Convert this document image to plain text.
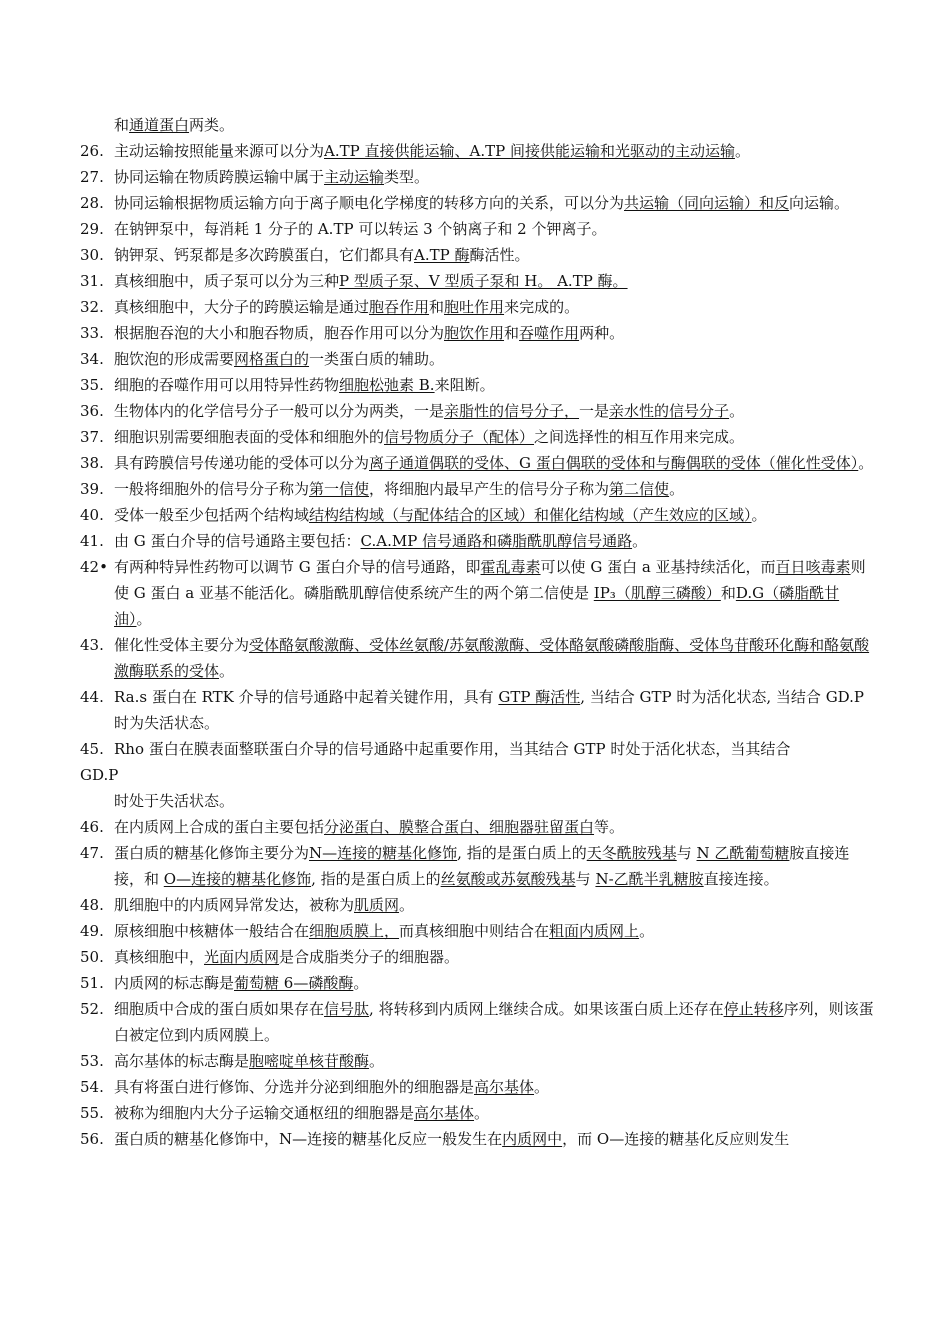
和通道蛋白两类。
26. 主动运输按照能量来源可以分为A.TP 直接供能运输、A.TP 间接供能运输和光驱动的主动运输。
27. 协同运输在物质跨膜运输中属于主动运输类型。
28. 协同运输根据物质运输方向于离子顺电化学梯度的转移方向的关系，可以分为共运输（同向运输）和反向运输。
29. 在钠钾泵中，每消耗 1 分子的 A.TP 可以转运 3 个钠离子和 2 个钾离子。
30. 钠钾泵、钙泵都是多次跨膜蛋白，它们都具有A.TP 酶酶活性。
31. 真核细胞中，质子泵可以分为三种P 型质子泵、V 型质子泵和 H。 A.TP 酶。
32. 真核细胞中，大分子的跨膜运输是通过胞吞作用和胞吐作用来完成的。
33. 根据胞吞泡的大小和胞吞物质，胞吞作用可以分为胞饮作用和吞噬作用两种。
34. 胞饮泡的形成需要网格蛋白的一类蛋白质的辅助。
35. 细胞的吞噬作用可以用特异性药物细胞松弛素 B.来阻断。
36. 生物体内的化学信号分子一般可以分为两类，一是亲脂性的信号分子，一是亲水性的信号分子。
37. 细胞识别需要细胞表面的受体和细胞外的信号物质分子（配体）之间选择性的相互作用来完成。
38. 具有跨膜信号传递功能的受体可以分为离子通道偶联的受体、G 蛋白偶联的受体和与酶偶联的受体（催化性受体）。
39. 一般将细胞外的信号分子称为第一信使，将细胞内最早产生的信号分子称为第二信使。
40. 受体一般至少包括两个结构域结构结构域（与配体结合的区域）和催化结构域（产生效应的区域）。
41. 由 G 蛋白介导的信号通路主要包括：C.A.MP 信号通路和磷脂酰肌醇信号通路。
42• 有两种特异性药物可以调节 G 蛋白介导的信号通路，即霍乱毒素可以使 G 蛋白 a 亚基持续活化，而百日咳毒素则使 G 蛋白 a 亚基不能活化。磷脂酰肌醇信使系统产生的两个第二信使是 IP₃（肌醇三磷酸）和D.G（磷脂酰甘油）。
43. 催化性受体主要分为受体酪氨酸激酶、受体丝氨酸/苏氨酸激酶、受体酪氨酸磷酸脂酶、受体鸟苷酸环化酶和酪氨酸激酶联系的受体。
44. Ra.s 蛋白在 RTK 介导的信号通路中起着关键作用，具有 GTP 酶活性, 当结合 GTP 时为活化状态, 当结合 GD.P 时为失活状态。
45. Rho 蛋白在膜表面整联蛋白介导的信号通路中起重要作用，当其结合 GTP 时处于活化状态，当其结合
GD.P
时处于失活状态。
46. 在内质网上合成的蛋白主要包括分泌蛋白、膜整合蛋白、细胞器驻留蛋白等。
47. 蛋白质的糖基化修饰主要分为N—连接的糖基化修饰, 指的是蛋白质上的天冬酰胺残基与 N 乙酰葡萄糖胺直接连接，和 O—连接的糖基化修饰, 指的是蛋白质上的丝氨酸或苏氨酸残基与 N-乙酰半乳糖胺直接连接。
48. 肌细胞中的内质网异常发达，被称为肌质网。
49. 原核细胞中核糖体一般结合在细胞质膜上，而真核细胞中则结合在粗面内质网上。
50. 真核细胞中，光面内质网是合成脂类分子的细胞器。
51. 内质网的标志酶是葡萄糖 6—磷酸酶。
52. 细胞质中合成的蛋白质如果存在信号肽, 将转移到内质网上继续合成。如果该蛋白质上还存在停止转移序列，则该蛋白被定位到内质网膜上。
53. 高尔基体的标志酶是胞嘧啶单核苷酸酶。
54. 具有将蛋白进行修饰、分选并分泌到细胞外的细胞器是高尔基体。
55. 被称为细胞内大分子运输交通枢纽的细胞器是高尔基体。
56. 蛋白质的糖基化修饰中，N—连接的糖基化反应一般发生在内质网中，而 O—连接的糖基化反应则发生
